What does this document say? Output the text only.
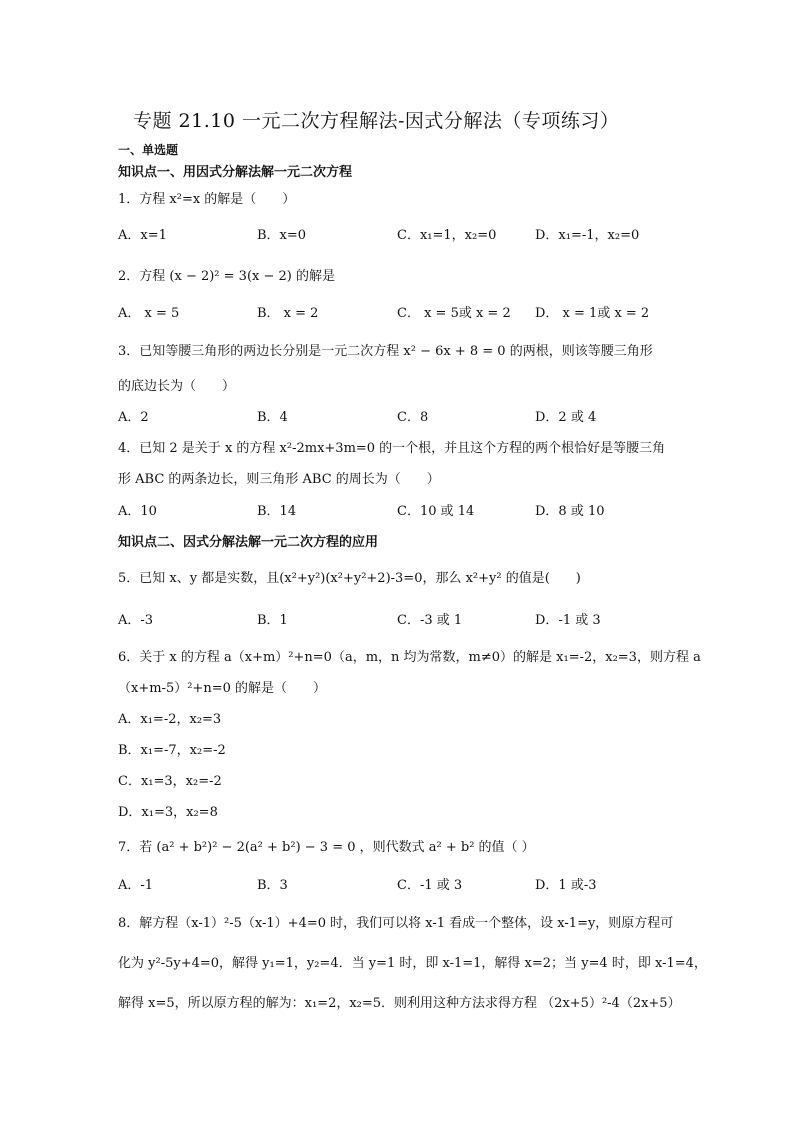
专题 21.10 一元二次方程解法-因式分解法（专项练习）
一、单选题
知识点一、用因式分解法解一元二次方程
1．方程 x²=x 的解是（　　）
A．x=1	B．x=0	C．x₁=1，x₂=0	D．x₁=-1，x₂=0
2．方程 (x − 2)² = 3(x − 2) 的解是
A． x = 5	B． x = 2	C． x = 5或 x = 2 D． x = 1或 x = 2
3．已知等腰三角形的两边长分别是一元二次方程 x² − 6x + 8 = 0 的两根，则该等腰三角形
的底边长为（　　）
A．2	B．4	C．8	D．2 或 4
4．已知 2 是关于 x 的方程 x²-2mx+3m=0 的一个根，并且这个方程的两个根恰好是等腰三角
形 ABC 的两条边长，则三角形 ABC 的周长为（　　）
A．10	B．14	C．10 或 14	D．8 或 10
知识点二、因式分解法解一元二次方程的应用
5．已知 x、y 都是实数，且(x²+y²)(x²+y²+2)-3=0，那么 x²+y² 的值是(　　)
A．-3	B．1	C．-3 或 1	D．-1 或 3
6．关于 x 的方程 a（x+m）²+n=0（a，m，n 均为常数，m≠0）的解是 x₁=-2，x₂=3，则方程 a
（x+m-5）²+n=0 的解是（　　）
A．x₁=-2，x₂=3
B．x₁=-7，x₂=-2
C．x₁=3，x₂=-2
D．x₁=3，x₂=8
7．若 (a² + b²)² − 2(a² + b²) − 3 = 0 ，则代数式 a² + b² 的值（ ）
A．-1	B．3	C．-1 或 3	D．1 或-3
8．解方程（x-1）²-5（x-1）+4=0 时，我们可以将 x-1 看成一个整体，设 x-1=y，则原方程可
化为 y²-5y+4=0，解得 y₁=1，y₂=4．当 y=1 时，即 x-1=1，解得 x=2；当 y=4 时，即 x-1=4，
解得 x=5，所以原方程的解为：x₁=2，x₂=5．则利用这种方法求得方程 （2x+5）²-4（2x+5）
